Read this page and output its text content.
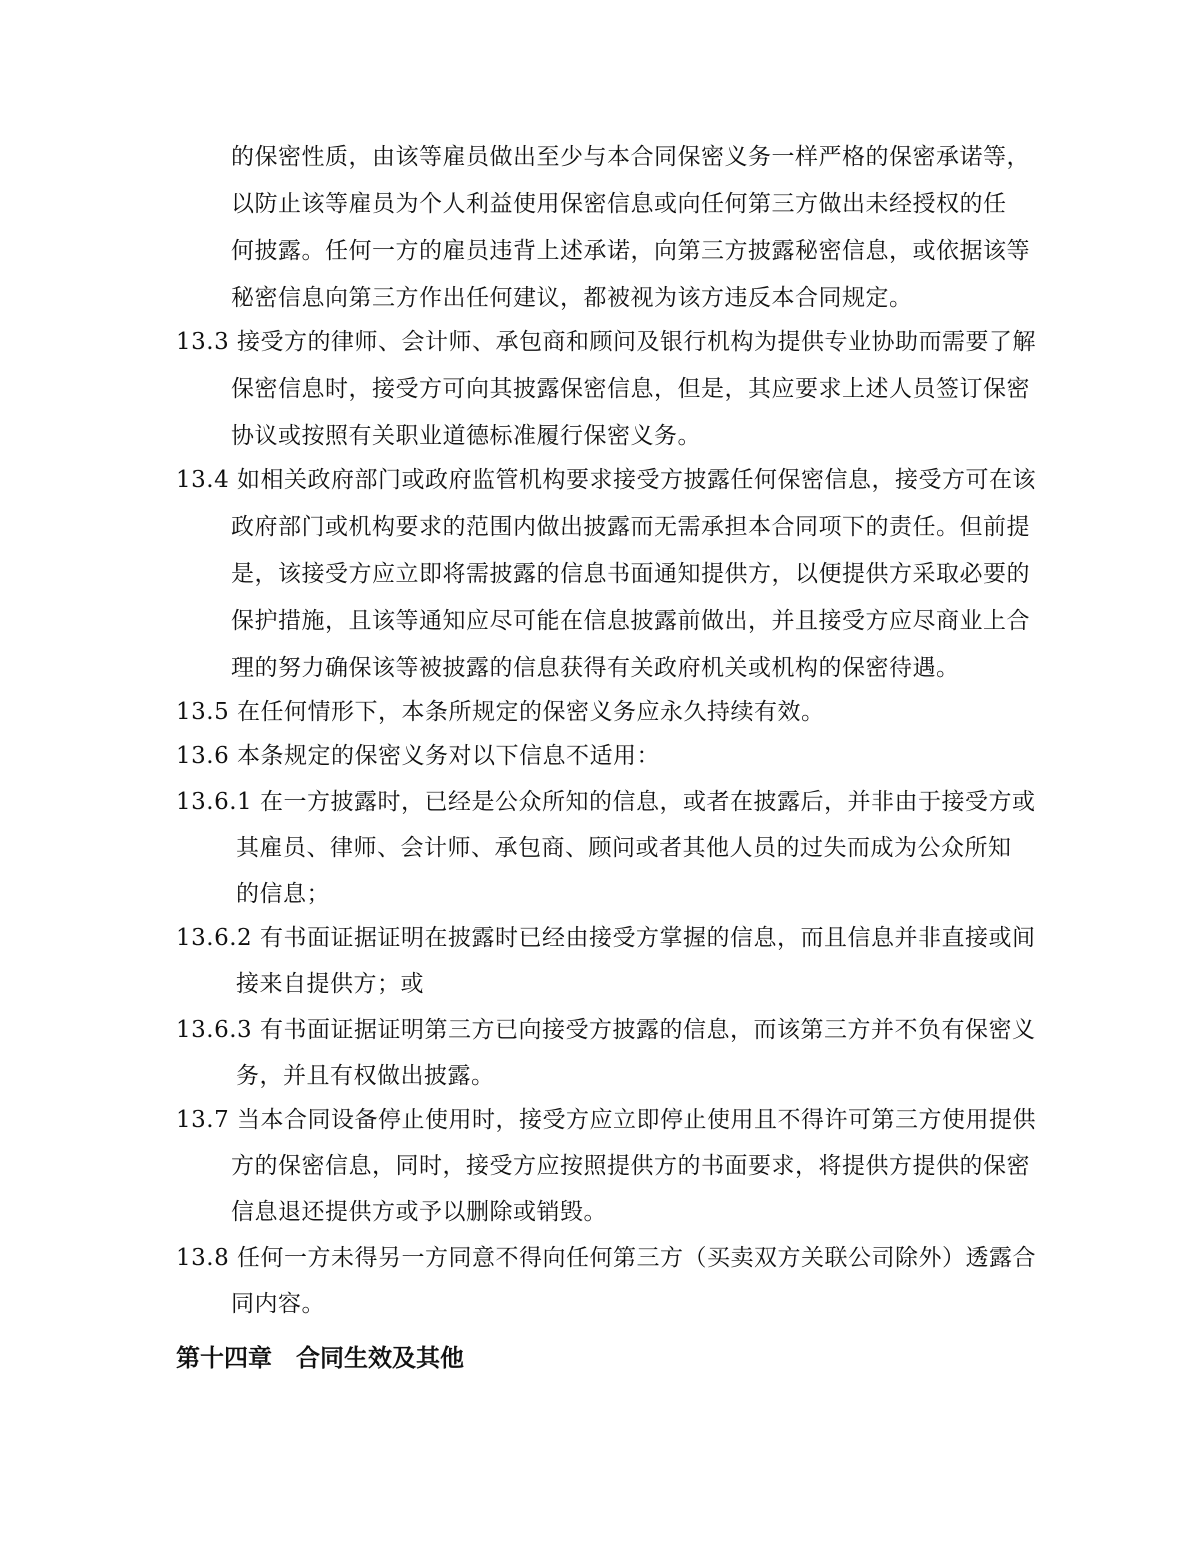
的保密性质，由该等雇员做出至少与本合同保密义务一样严格的保密承诺等，
以防止该等雇员为个人利益使用保密信息或向任何第三方做出未经授权的任
何披露。任何一方的雇员违背上述承诺，向第三方披露秘密信息，或依据该等
秘密信息向第三方作出任何建议，都被视为该方违反本合同规定。
13.3 接受方的律师、会计师、承包商和顾问及银行机构为提供专业协助而需要了解
保密信息时，接受方可向其披露保密信息，但是，其应要求上述人员签订保密
协议或按照有关职业道德标准履行保密义务。
13.4 如相关政府部门或政府监管机构要求接受方披露任何保密信息，接受方可在该
政府部门或机构要求的范围内做出披露而无需承担本合同项下的责任。但前提
是，该接受方应立即将需披露的信息书面通知提供方，以便提供方采取必要的
保护措施，且该等通知应尽可能在信息披露前做出，并且接受方应尽商业上合
理的努力确保该等被披露的信息获得有关政府机关或机构的保密待遇。
13.5 在任何情形下，本条所规定的保密义务应永久持续有效。
13.6 本条规定的保密义务对以下信息不适用：
13.6.1 在一方披露时，已经是公众所知的信息，或者在披露后，并非由于接受方或
其雇员、律师、会计师、承包商、顾问或者其他人员的过失而成为公众所知
的信息；
13.6.2 有书面证据证明在披露时已经由接受方掌握的信息，而且信息并非直接或间
接来自提供方；或
13.6.3 有书面证据证明第三方已向接受方披露的信息，而该第三方并不负有保密义
务，并且有权做出披露。
13.7 当本合同设备停止使用时，接受方应立即停止使用且不得许可第三方使用提供
方的保密信息，同时，接受方应按照提供方的书面要求，将提供方提供的保密
信息退还提供方或予以删除或销毁。
13.8 任何一方未得另一方同意不得向任何第三方（买卖双方关联公司除外）透露合
同内容。
第十四章 合同生效及其他
